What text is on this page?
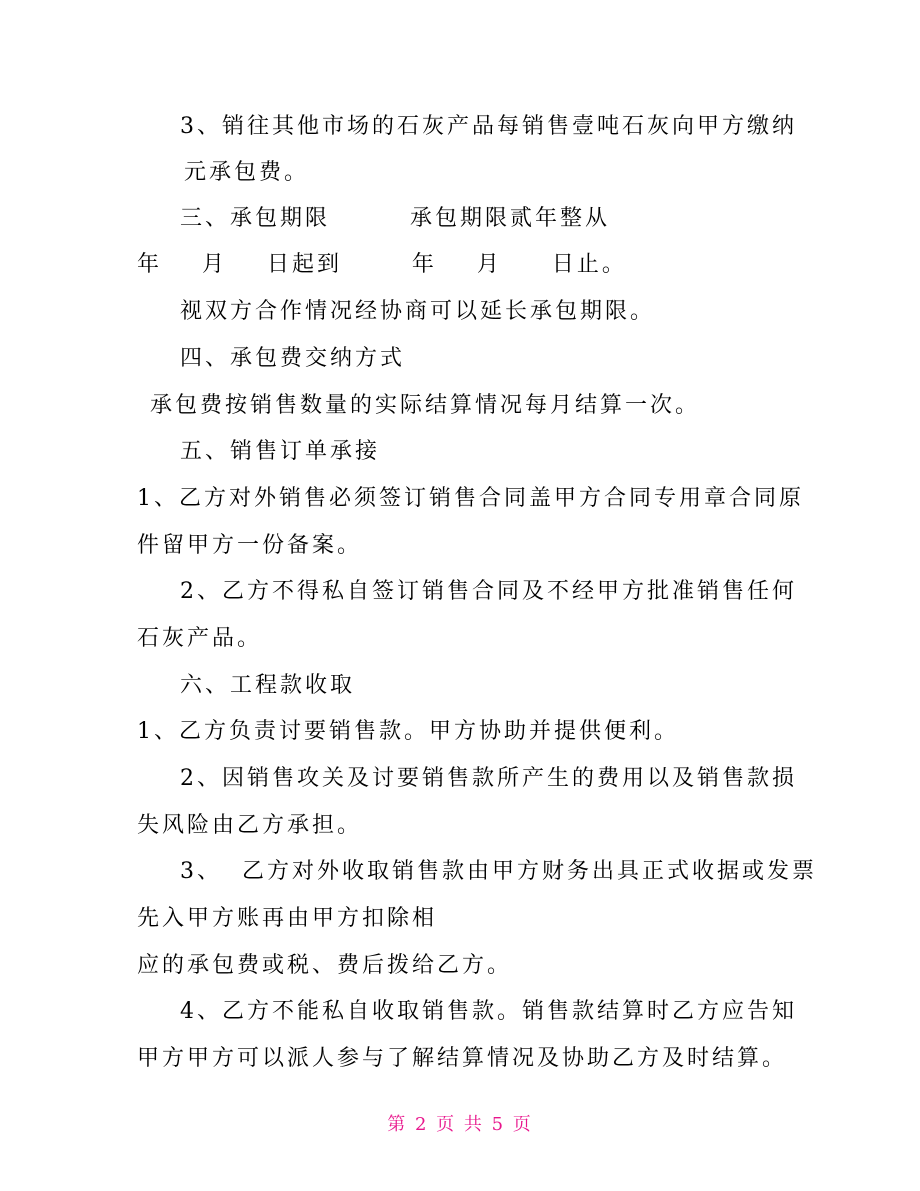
3、销往其他市场的石灰产品每销售壹吨石灰向甲方缴纳
元承包费。
三、承包期限        承包期限贰年整从
年    月    日起到       年    月     日止。
视双方合作情况经协商可以延长承包期限。
四、承包费交纳方式
承包费按销售数量的实际结算情况每月结算一次。
五、销售订单承接
1、乙方对外销售必须签订销售合同盖甲方合同专用章合同原
件留甲方一份备案。
2、乙方不得私自签订销售合同及不经甲方批准销售任何
石灰产品。
六、工程款收取
1、乙方负责讨要销售款。甲方协助并提供便利。
2、因销售攻关及讨要销售款所产生的费用以及销售款损
失风险由乙方承担。
3、  乙方对外收取销售款由甲方财务出具正式收据或发票
先入甲方账再由甲方扣除相
应的承包费或税、费后拨给乙方。
4、乙方不能私自收取销售款。销售款结算时乙方应告知
甲方甲方可以派人参与了解结算情况及协助乙方及时结算。
第 2 页 共 5 页
